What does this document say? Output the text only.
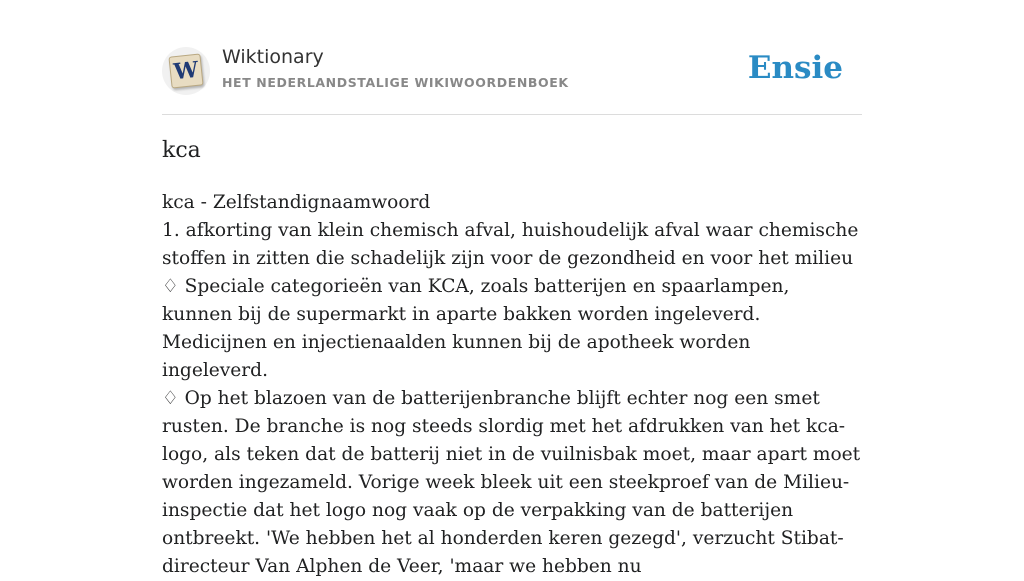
W Wiktionary
HET NEDERLANDSTALIGE WIKIWOORDENBOEK	Ensie
kca
kca - Zelfstandignaamwoord
1. afkorting van klein chemisch afval, huishoudelijk afval waar chemische stoffen in zitten die schadelijk zijn voor de gezondheid en voor het milieu
♢ Speciale categorieën van KCA, zoals batterijen en spaarlampen, kunnen bij de supermarkt in aparte bakken worden ingeleverd. Medicijnen en injectienaalden kunnen bij de apotheek worden ingeleverd.
♢ Op het blazoen van de batterijenbranche blijft echter nog een smet rusten. De branche is nog steeds slordig met het afdrukken van het kca-logo, als teken dat de batterij niet in de vuilnisbak moet, maar apart moet worden ingezameld. Vorige week bleek uit een steekproef van de Milieu-inspectie dat het logo nog vaak op de verpakking van de batterijen ontbreekt. 'We hebben het al honderden keren gezegd', verzucht Stibat-directeur Van Alphen de Veer, 'maar we hebben nu
